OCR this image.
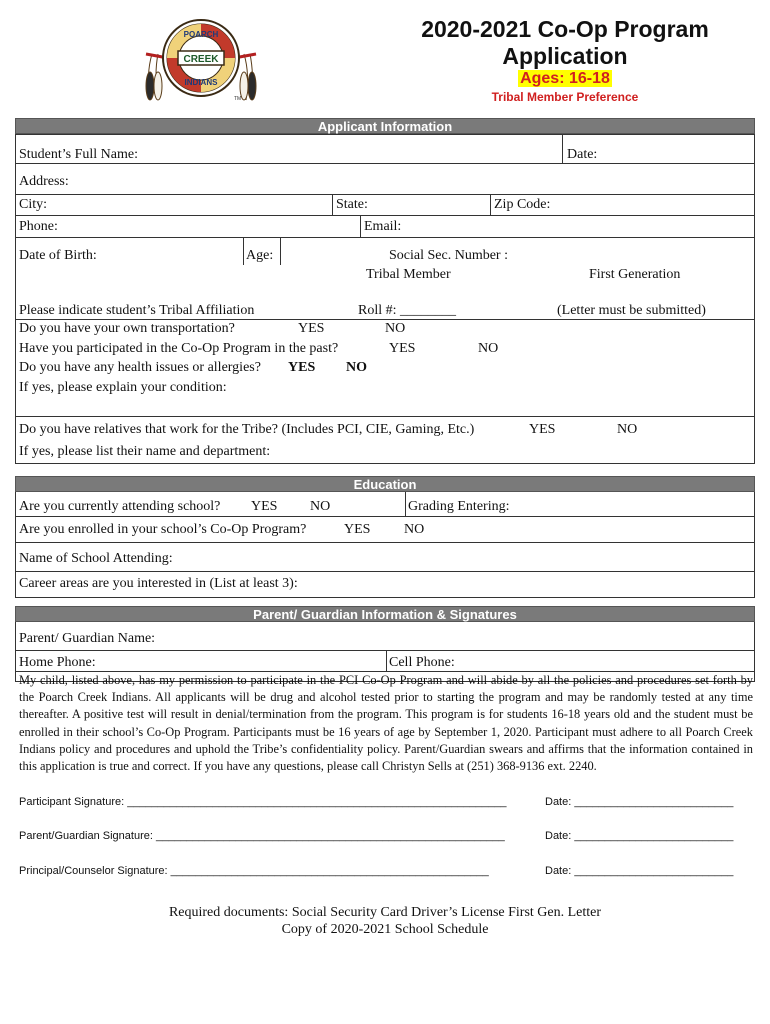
CREEK
POARCH
INDIANS
TM
2020-2021 Co-Op Program
Application
Ages: 16-18
Tribal Member Preference
Applicant Information
Student’s Full Name:	Date:
Address:
City:	State:	Zip Code:
Phone:	Email:
Date of Birth:	Age:	Social Sec. Number :
Tribal Member	First Generation
Please indicate student’s Tribal Affiliation	Roll #: ________	(Letter must be submitted)
Do you have your own transportation?	YES	NO
Have you participated in the Co-Op Program in the past?	YES	NO
Do you have any health issues or allergies? YES NO
If yes, please explain your condition:
Do you have relatives that work for the Tribe? (Includes PCI, CIE, Gaming, Etc.)	YES	NO
If yes, please list their name and department:
Education
Are you currently attending school? YES NO	Grading Entering:
Are you enrolled in your school’s Co-Op Program?	YES NO
Name of School Attending:
Career areas are you interested in (List at least 3):
Parent/ Guardian Information & Signatures
Parent/ Guardian Name:
Home Phone:	Cell Phone:
My child, listed above, has my permission to participate in the PCI Co-Op Program and will abide by all the policies and procedures set forth by the Poarch Creek Indians. All applicants will be drug and alcohol tested prior to starting the program and may be randomly tested at any time thereafter. A positive test will result in denial/termination from the program. This program is for students 16-18 years old and the student must be enrolled in their school’s Co-Op Program. Participants must be 16 years of age by September 1, 2020. Participant must adhere to all Poarch Creek Indians policy and procedures and uphold the Tribe’s confidentiality policy. Parent/Guardian swears and affirms that the information contained in this application is true and correct. If you have any questions, please call Christyn Sells at (251) 368-9136 ext. 2240.
Participant Signature: ______________________________________________________________	Date: __________________________
Parent/Guardian Signature: _________________________________________________________	Date: __________________________
Principal/Counselor Signature: ____________________________________________________	Date: __________________________
Required documents: Social Security Card Driver’s License First Gen. Letter
Copy of 2020-2021 School Schedule
